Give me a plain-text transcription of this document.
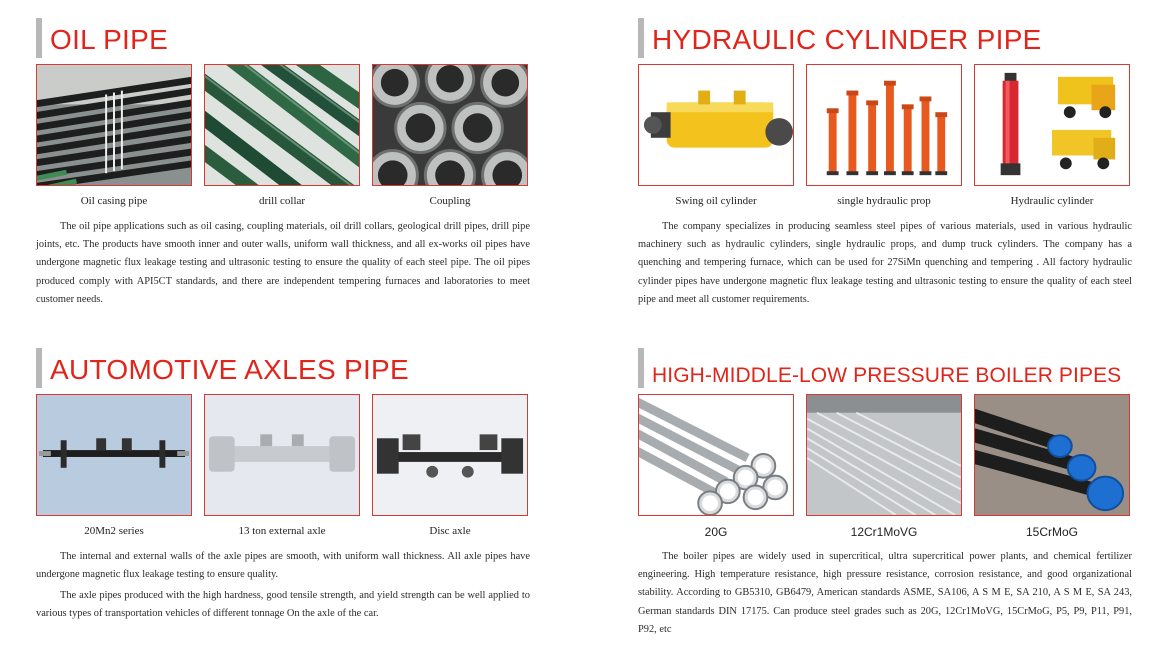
OIL PIPE
Oil casing pipe	drill collar	Coupling

The oil pipe applications such as oil casing, coupling materials, oil drill collars, geological drill pipes, drill pipe joints, etc. The products have smooth inner and outer walls, uniform wall thickness, and all ex-works oil pipes have undergone magnetic flux leakage testing and ultrasonic testing to ensure the quality of each steel pipe. The oil pipes produced comply with API5CT standards, and there are independent tempering furnaces and laboratories to meet customer needs.

HYDRAULIC CYLINDER PIPE
Swing oil cylinder	single hydraulic prop	Hydraulic cylinder

The company specializes in producing seamless steel pipes of various materials, used in various hydraulic machinery such as hydraulic cylinders, single hydraulic props, and dump truck cylinders. The company has a quenching and tempering furnace, which can be used for 27SiMn quenching and tempering . All factory hydraulic cylinder pipes have undergone magnetic flux leakage testing and ultrasonic testing to ensure the quality of each steel pipe and meet all customer requirements.

AUTOMOTIVE AXLES PIPE
20Mn2 series	13 ton external axle	Disc axle

The internal and external walls of the axle pipes are smooth, with uniform wall thickness. All axle pipes have undergone magnetic flux leakage testing to ensure quality.

The axle pipes produced with the high hardness, good tensile strength, and yield strength can be well applied to various types of transportation vehicles of different tonnage On the axle of the car.

HIGH-MIDDLE-LOW PRESSURE BOILER PIPES
20G	12Cr1MoVG	15CrMoG

The boiler pipes are widely used in supercritical, ultra supercritical power plants, and chemical fertilizer engineering. High temperature resistance, high pressure resistance, corrosion resistance, and good organizational stability. According to GB5310, GB6479, American standards ASME, SA106, A S M E, SA 210, A S M E, SA 243, German standards DIN 17175. Can produce steel grades such as 20G, 12Cr1MoVG, 15CrMoG, P5, P9, P11, P91, P92, etc
